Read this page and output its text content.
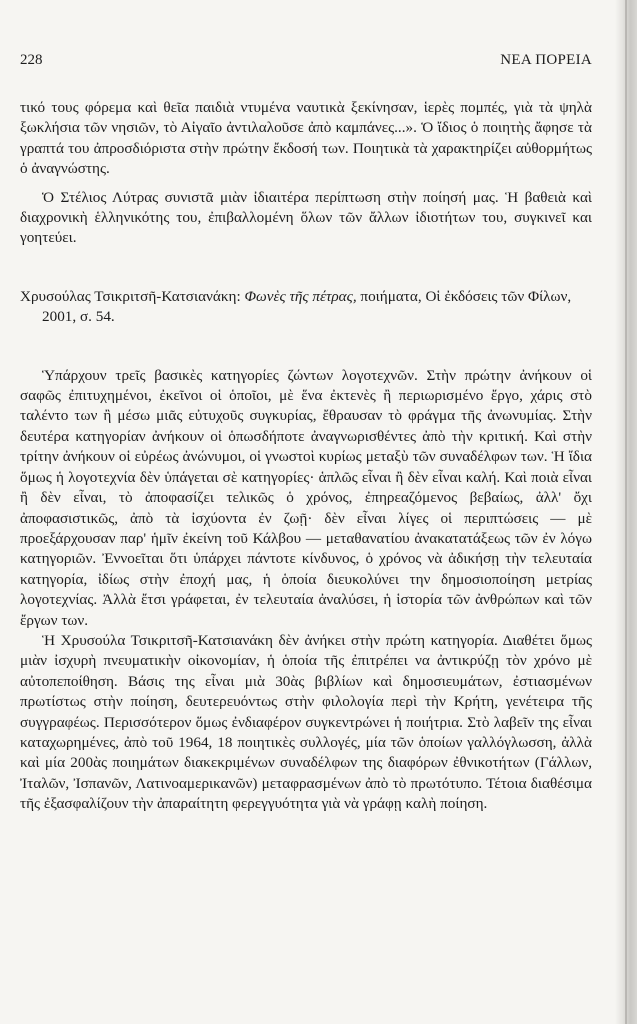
228	ΝΕΑ ΠΟΡΕΙΑ

τικό τους φόρεμα καὶ θεῖα παιδιὰ ντυμένα ναυτικὰ ξεκίνησαν, ἱερὲς πομπές, γιὰ τὰ ψηλὰ ξωκλήσια τῶν νησιῶν, τὸ Αἰγαῖο ἀντιλαλοῦσε ἀπὸ καμπάνες...». Ὁ ἴδιος ὁ ποιητὴς ἄφησε τὰ γραπτά του ἀπροσδιόριστα στὴν πρώτην ἔκδοσή των. Ποιητικὰ τὰ χαρακτηρίζει αὐθορμήτως ὁ ἀναγνώστης.

Ὁ Στέλιος Λύτρας συνιστᾶ μιὰν ἰδιαιτέρα περίπτωση στὴν ποίησή μας. Ἡ βαθειὰ καὶ διαχρονικὴ ἑλληνικότης του, ἐπιβαλλομένη ὅλων τῶν ἄλλων ἰδιοτήτων του, συγκινεῖ και γοητεύει.

Χρυσούλας Τσικριτσῆ-Κατσιανάκη: Φωνὲς τῆς πέτρας, ποιήματα, Οἱ ἐκδόσεις τῶν Φίλων, 2001, σ. 54.

Ὑπάρχουν τρεῖς βασικὲς κατηγορίες ζώντων λογοτεχνῶν. Στὴν πρώτην ἀνήκουν οἱ σαφῶς ἐπιτυχημένοι, ἐκεῖνοι οἱ ὁποῖοι, μὲ ἕνα ἐκτενὲς ἢ περιωρισμένο ἔργο, χάρις στὸ ταλέντο των ἢ μέσω μιᾶς εὐτυχοῦς συγκυρίας, ἔθραυσαν τὸ φράγμα τῆς ἀνωνυμίας. Στὴν δευτέρα κατηγορίαν ἀνήκουν οἱ ὁπωσδήποτε ἀναγνωρισθέντες ἀπὸ τὴν κριτική. Καὶ στὴν τρίτην ἀνήκουν οἱ εὐρέως ἀνώνυμοι, οἱ γνωστοὶ κυρίως μεταξὺ τῶν συναδέλφων των. Ἡ ἴδια ὅμως ἡ λογοτεχνία δὲν ὑπάγεται σὲ κατηγορίες· ἁπλῶς εἶναι ἢ δὲν εἶναι καλή. Καὶ ποιὰ εἶναι ἢ δὲν εἶναι, τὸ ἀποφασίζει τελικῶς ὁ χρόνος, ἐπηρεαζόμενος βεβαίως, ἀλλ' ὄχι ἀποφασιστικῶς, ἀπὸ τὰ ἰσχύοντα ἐν ζωῇ· δὲν εἶναι λίγες οἱ περιπτώσεις — μὲ προεξάρχουσαν παρ' ἡμῖν ἐκείνη τοῦ Κάλβου — μεταθανατίου ἀνακατατάξεως τῶν ἐν λόγω κατηγοριῶν. Ἐννοεῖται ὅτι ὑπάρχει πάντοτε κίνδυνος, ὁ χρόνος νὰ ἀδικήσῃ τὴν τελευταία κατηγορία, ἰδίως στὴν ἐποχή μας, ἡ ὁποία διευκολύνει την δημοσιοποίηση μετρίας λογοτεχνίας. Ἀλλὰ ἔτσι γράφεται, ἐν τελευταία ἀναλύσει, ἡ ἱστορία τῶν ἀνθρώπων καὶ τῶν ἔργων των.

Ἡ Χρυσούλα Τσικριτσῆ-Κατσιανάκη δὲν ἀνήκει στὴν πρώτη κατηγορία. Διαθέτει ὅμως μιὰν ἰσχυρὴ πνευματικὴν οἰκονομίαν, ἡ ὁποία τῆς ἐπιτρέπει να ἀντικρύζῃ τὸν χρόνο μὲ αὐτοπεποίθηση. Βάσις της εἶναι μιὰ 30ὰς βιβλίων καὶ δημοσιευμάτων, ἐστιασμένων πρωτίστως στὴν ποίηση, δευτερευόντως στὴν φιλολογία περὶ τὴν Κρήτη, γενέτειρα τῆς συγγραφέως. Περισσότερον ὅμως ἐνδιαφέρον συγκεντρώνει ἡ ποιήτρια. Στὸ λαβεῖν της εἶναι καταχωρημένες, ἀπὸ τοῦ 1964, 18 ποιητικὲς συλλογές, μία τῶν ὁποίων γαλλόγλωσση, ἀλλὰ καὶ μία 200ὰς ποιημάτων διακεκριμένων συναδέλφων της διαφόρων ἐθνικοτήτων (Γάλλων, Ἰταλῶν, Ἰσπανῶν, Λατινοαμερικανῶν) μεταφρασμένων ἀπὸ τὸ πρωτότυπο. Τέτοια διαθέσιμα τῆς ἐξασφαλίζουν τὴν ἀπαραίτητη φερεγγυότητα γιὰ νὰ γράφῃ καλὴ ποίηση.
